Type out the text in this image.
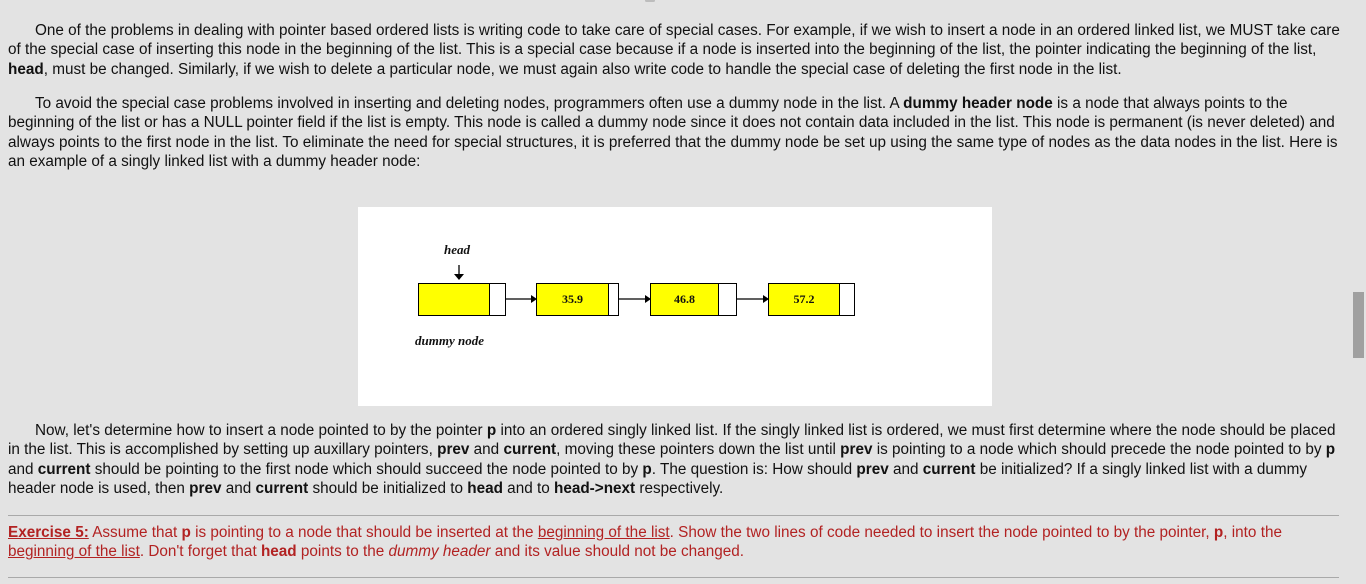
One of the problems in dealing with pointer based ordered lists is writing code to take care of special cases. For example, if we wish to insert a node in an ordered linked list, we MUST take care of the special case of inserting this node in the beginning of the list. This is a special case because if a node is inserted into the beginning of the list, the pointer indicating the beginning of the list, head, must be changed. Similarly, if we wish to delete a particular node, we must again also write code to handle the special case of deleting the first node in the list.

To avoid the special case problems involved in inserting and deleting nodes, programmers often use a dummy node in the list. A dummy header node is a node that always points to the beginning of the list or has a NULL pointer field if the list is empty. This node is called a dummy node since it does not contain data included in the list. This node is permanent (is never deleted) and always points to the first node in the list. To eliminate the need for special structures, it is preferred that the dummy node be set up using the same type of nodes as the data nodes in the list. Here is an example of a singly linked list with a dummy header node:

Now, let's determine how to insert a node pointed to by the pointer p into an ordered singly linked list. If the singly linked list is ordered, we must first determine where the node should be placed in the list. This is accomplished by setting up auxillary pointers, prev and current, moving these pointers down the list until prev is pointing to a node which should precede the node pointed to by p and current should be pointing to the first node which should succeed the node pointed to by p. The question is: How should prev and current be initialized? If a singly linked list with a dummy header node is used, then prev and current should be initialized to head and to head->next respectively.

head
35.9	46.8	57.2
dummy node

Exercise 5: Assume that p is pointing to a node that should be inserted at the beginning of the list. Show the two lines of code needed to insert the node pointed to by the pointer, p, into the beginning of the list. Don't forget that head points to the dummy header and its value should not be changed.
